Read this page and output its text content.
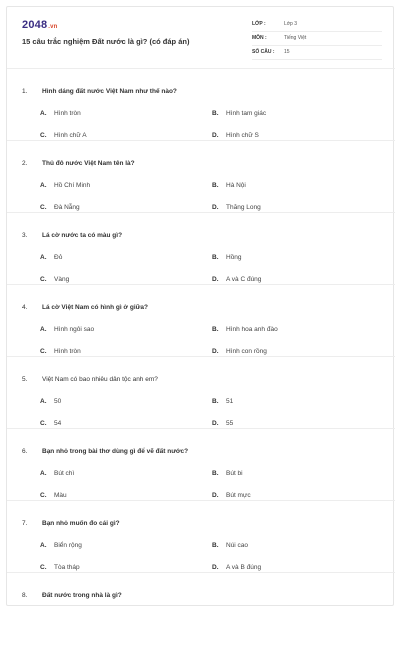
2048.vn
15 câu trắc nghiệm Đất nước là gì? (có đáp án)
LỚP :	Lớp 3
MÔN :	Tiếng Việt
SỐ CÂU : 15
1. Hình dáng đất nước Việt Nam như thế nào?
A. Hình tròn	B. Hình tam giác
C. Hình chữ A	D. Hình chữ S
2. Thủ đô nước Việt Nam tên là?
A. Hồ Chí Minh	B. Hà Nội
C. Đà Nẵng	D. Thăng Long
3. Lá cờ nước ta có màu gì?
A. Đỏ	B. Hồng
C. Vàng	D. A và C đúng
4. Lá cờ Việt Nam có hình gì ở giữa?
A. Hình ngôi sao	B. Hình hoa anh đào
C. Hình tròn	D. Hình con rồng
5. Việt Nam có bao nhiêu dân tộc anh em?
A. 50	B. 51
C. 54	D. 55
6. Bạn nhỏ trong bài thơ dùng gì để vẽ đất nước?
A. Bút chì	B. Bút bi
C. Màu	D. Bút mực
7. Bạn nhỏ muốn đo cái gì?
A. Biển rộng	B. Núi cao
C. Tòa tháp	D. A và B đúng
8. Đất nước trong nhà là gì?
